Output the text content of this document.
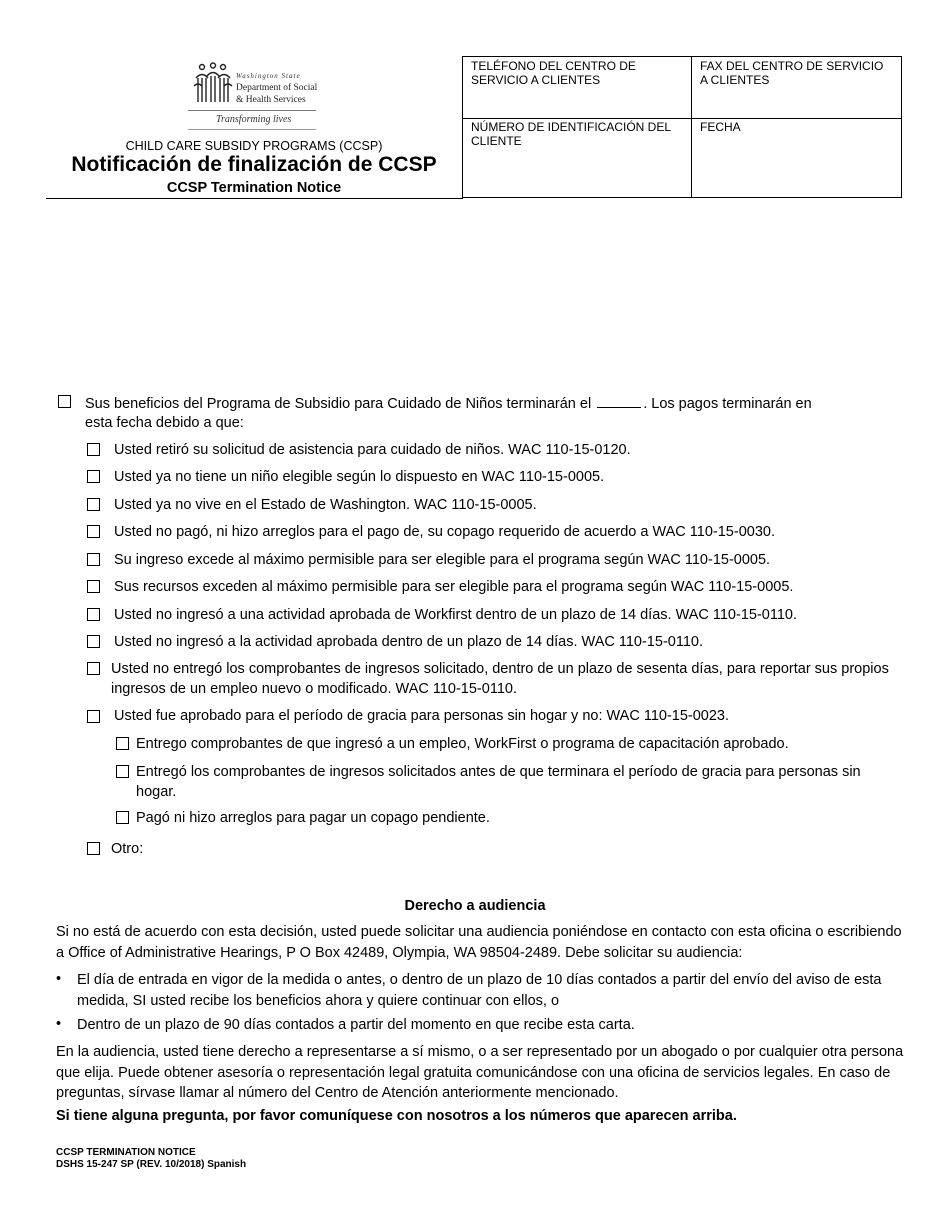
Washington State
Department of Social
& Health Services
Transforming lives
CHILD CARE SUBSIDY PROGRAMS (CCSP)
Notificación de finalización de CCSP
CCSP Termination Notice
TELÉFONO DEL CENTRO DE SERVICIO A CLIENTES
FAX DEL CENTRO DE SERVICIO A CLIENTES
NÚMERO DE IDENTIFICACIÓN DEL CLIENTE
FECHA
Sus beneficios del Programa de Subsidio para Cuidado de Niños terminarán el	. Los pagos terminarán en
esta fecha debido a que:
Usted retiró su solicitud de asistencia para cuidado de niños. WAC 110-15-0120.
Usted ya no tiene un niño elegible según lo dispuesto en WAC 110-15-0005.
Usted ya no vive en el Estado de Washington. WAC 110-15-0005.
Usted no pagó, ni hizo arreglos para el pago de, su copago requerido de acuerdo a WAC 110-15-0030.
Su ingreso excede al máximo permisible para ser elegible para el programa según WAC 110-15-0005.
Sus recursos exceden al máximo permisible para ser elegible para el programa según WAC 110-15-0005.
Usted no ingresó a una actividad aprobada de Workfirst dentro de un plazo de 14 días. WAC 110-15-0110.
Usted no ingresó a la actividad aprobada dentro de un plazo de 14 días. WAC 110-15-0110.
Usted no entregó los comprobantes de ingresos solicitado, dentro de un plazo de sesenta días, para reportar sus propios ingresos de un empleo nuevo o modificado. WAC 110-15-0110.
Usted fue aprobado para el período de gracia para personas sin hogar y no: WAC 110-15-0023.
Entrego comprobantes de que ingresó a un empleo, WorkFirst o programa de capacitación aprobado.
Entregó los comprobantes de ingresos solicitados antes de que terminara el período de gracia para personas sin hogar.
Pagó ni hizo arreglos para pagar un copago pendiente.
Otro:
Derecho a audiencia
Si no está de acuerdo con esta decisión, usted puede solicitar una audiencia poniéndose en contacto con esta oficina o escribiendo a Office of Administrative Hearings, P O Box 42489, Olympia, WA 98504-2489. Debe solicitar su audiencia:
• El día de entrada en vigor de la medida o antes, o dentro de un plazo de 10 días contados a partir del envío del aviso de esta medida, SI usted recibe los beneficios ahora y quiere continuar con ellos, o
• Dentro de un plazo de 90 días contados a partir del momento en que recibe esta carta.
En la audiencia, usted tiene derecho a representarse a sí mismo, o a ser representado por un abogado o por cualquier otra persona que elija. Puede obtener asesoría o representación legal gratuita comunicándose con una oficina de servicios legales. En caso de preguntas, sírvase llamar al número del Centro de Atención anteriormente mencionado.
Si tiene alguna pregunta, por favor comuníquese con nosotros a los números que aparecen arriba.
CCSP TERMINATION NOTICE
DSHS 15-247 SP (REV. 10/2018) Spanish
